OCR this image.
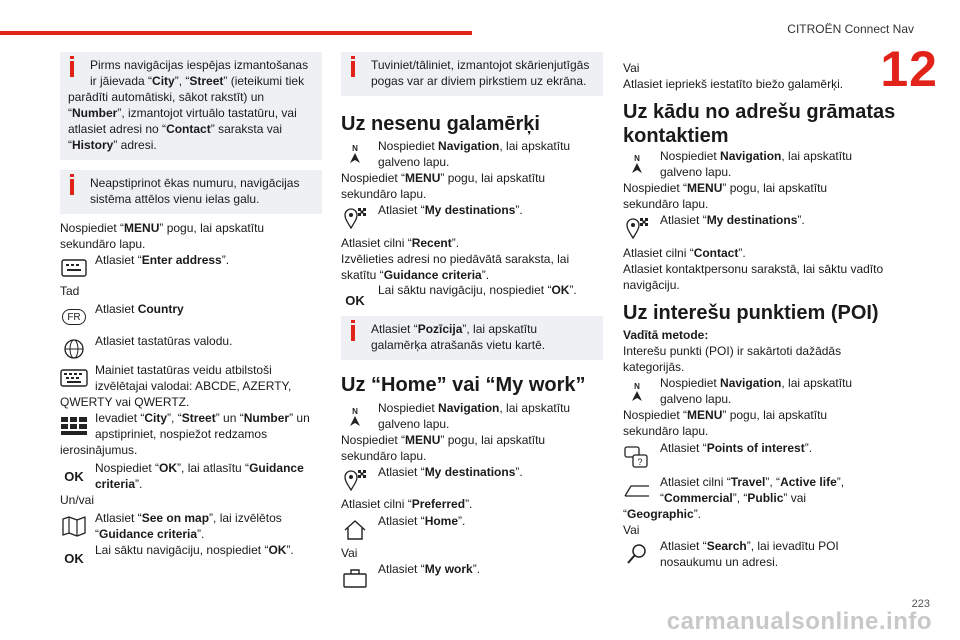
CITROËN Connect Nav
12
carmanualsonline.info
223
Pirms navigācijas iespējas izmantošanas
ir jāievada “City”, “Street” (ieteikumi tiek
parādīti automātiski, sākot rakstīt) un
“Number”, izmantojot virtuālo tastatūru, vai
atlasiet adresi no “Contact” saraksta vai
“History” adresi.
Neapstiprinot ēkas numuru, navigācijas
sistēma attēlos vienu ielas galu.
Nospiediet “MENU” pogu, lai apskatītu
sekundāro lapu.
Atlasiet “Enter address”.
Tad
FR
Atlasiet Country
Atlasiet tastatūras valodu.
Mainiet tastatūras veidu atbilstoši
izvēlētajai valodai: ABCDE, AZERTY,
QWERTY vai QWERTZ.
Ievadiet “City”, “Street” un “Number” un
apstipriniet, nospiežot redzamos
ierosinājumus.
OK
Nospiediet “OK”, lai atlasītu “Guidance
criteria”.
Un/vai
Atlasiet “See on map”, lai izvēlētos
“Guidance criteria”.
OK
Lai sāktu navigāciju, nospiediet “OK”.
Tuviniet/tāliniet, izmantojot skārienjutīgās
pogas var ar diviem pirkstiem uz ekrāna.
Uz nesenu galamērķi
N Nospiediet Navigation, lai apskatītu
galveno lapu.
Nospiediet “MENU” pogu, lai apskatītu
sekundāro lapu.
Atlasiet “My destinations”.
Atlasiet cilni “Recent”.
Izvēlieties adresi no piedāvātā saraksta, lai
skatītu “Guidance criteria”.
OK
Lai sāktu navigāciju, nospiediet “OK”.
Atlasiet “Pozīcija”, lai apskatītu
galamērķa atrašanās vietu kartē.
Uz “Home” vai “My work”
N Nospiediet Navigation, lai apskatītu
galveno lapu.
Nospiediet “MENU” pogu, lai apskatītu
sekundāro lapu.
Atlasiet “My destinations”.
Atlasiet cilni “Preferred”.
Atlasiet “Home”.
Vai
Atlasiet “My work”.
Vai
Atlasiet iepriekš iestatīto biežo galamērķi.
Uz kādu no adrešu grāmatas
kontaktiem
N Nospiediet Navigation, lai apskatītu
galveno lapu.
Nospiediet “MENU” pogu, lai apskatītu
sekundāro lapu.
Atlasiet “My destinations”.
Atlasiet cilni “Contact”.
Atlasiet kontaktpersonu sarakstā, lai sāktu vadīto
navigāciju.
Uz interešu punktiem (POI)
Vadītā metode:
Interešu punkti (POI) ir sakārtoti dažādās
kategorijās.
N Nospiediet Navigation, lai apskatītu
galveno lapu.
Nospiediet “MENU” pogu, lai apskatītu
sekundāro lapu.
?
Atlasiet “Points of interest”.
Atlasiet cilni “Travel”, “Active life”,
“Commercial”, “Public” vai
“Geographic”.
Vai
Atlasiet “Search”, lai ievadītu POI
nosaukumu un adresi.
